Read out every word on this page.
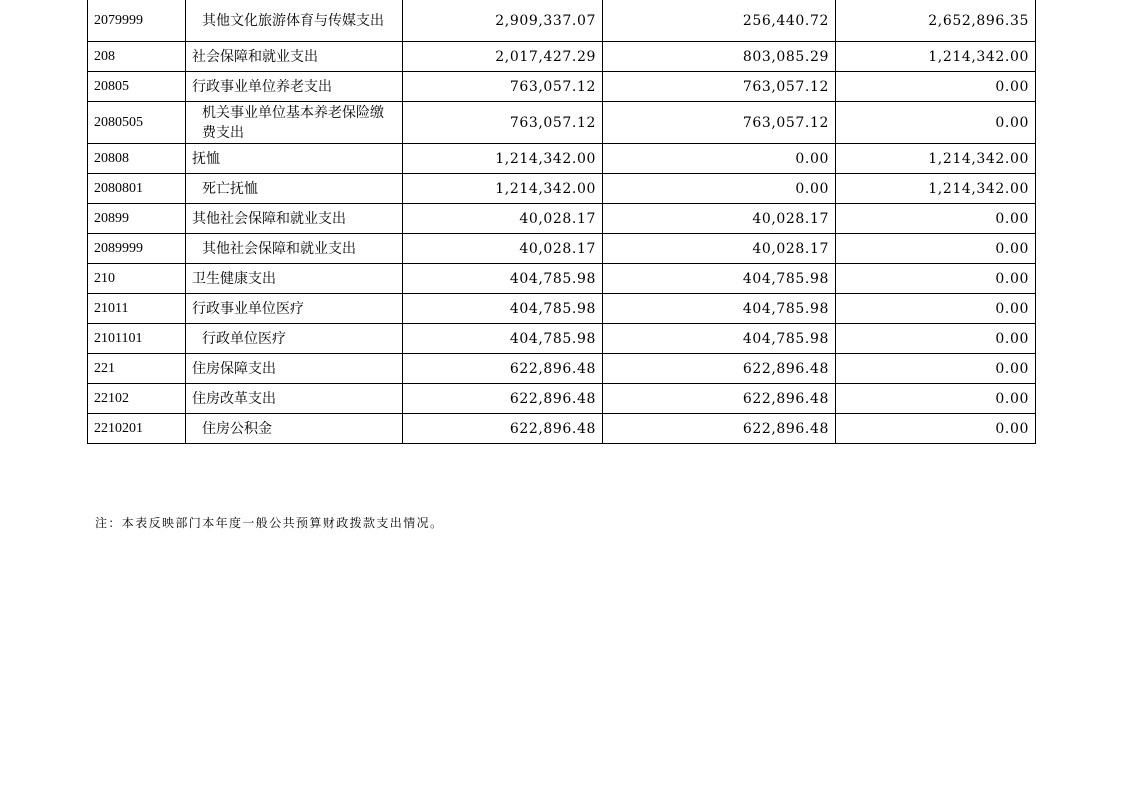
2079999	其他文化旅游体育与传媒支出	2,909,337.07	256,440.72	2,652,896.35
208	社会保障和就业支出	2,017,427.29	803,085.29	1,214,342.00
20805	行政事业单位养老支出	763,057.12	763,057.12	0.00
2080505	机关事业单位基本养老保险缴费支出	763,057.12	763,057.12	0.00
20808	抚恤	1,214,342.00	0.00	1,214,342.00
2080801	死亡抚恤	1,214,342.00	0.00	1,214,342.00
20899	其他社会保障和就业支出	40,028.17	40,028.17	0.00
2089999	其他社会保障和就业支出	40,028.17	40,028.17	0.00
210	卫生健康支出	404,785.98	404,785.98	0.00
21011	行政事业单位医疗	404,785.98	404,785.98	0.00
2101101	行政单位医疗	404,785.98	404,785.98	0.00
221	住房保障支出	622,896.48	622,896.48	0.00
22102	住房改革支出	622,896.48	622,896.48	0.00
2210201	住房公积金	622,896.48	622,896.48	0.00
注：本表反映部门本年度一般公共预算财政拨款支出情况。
